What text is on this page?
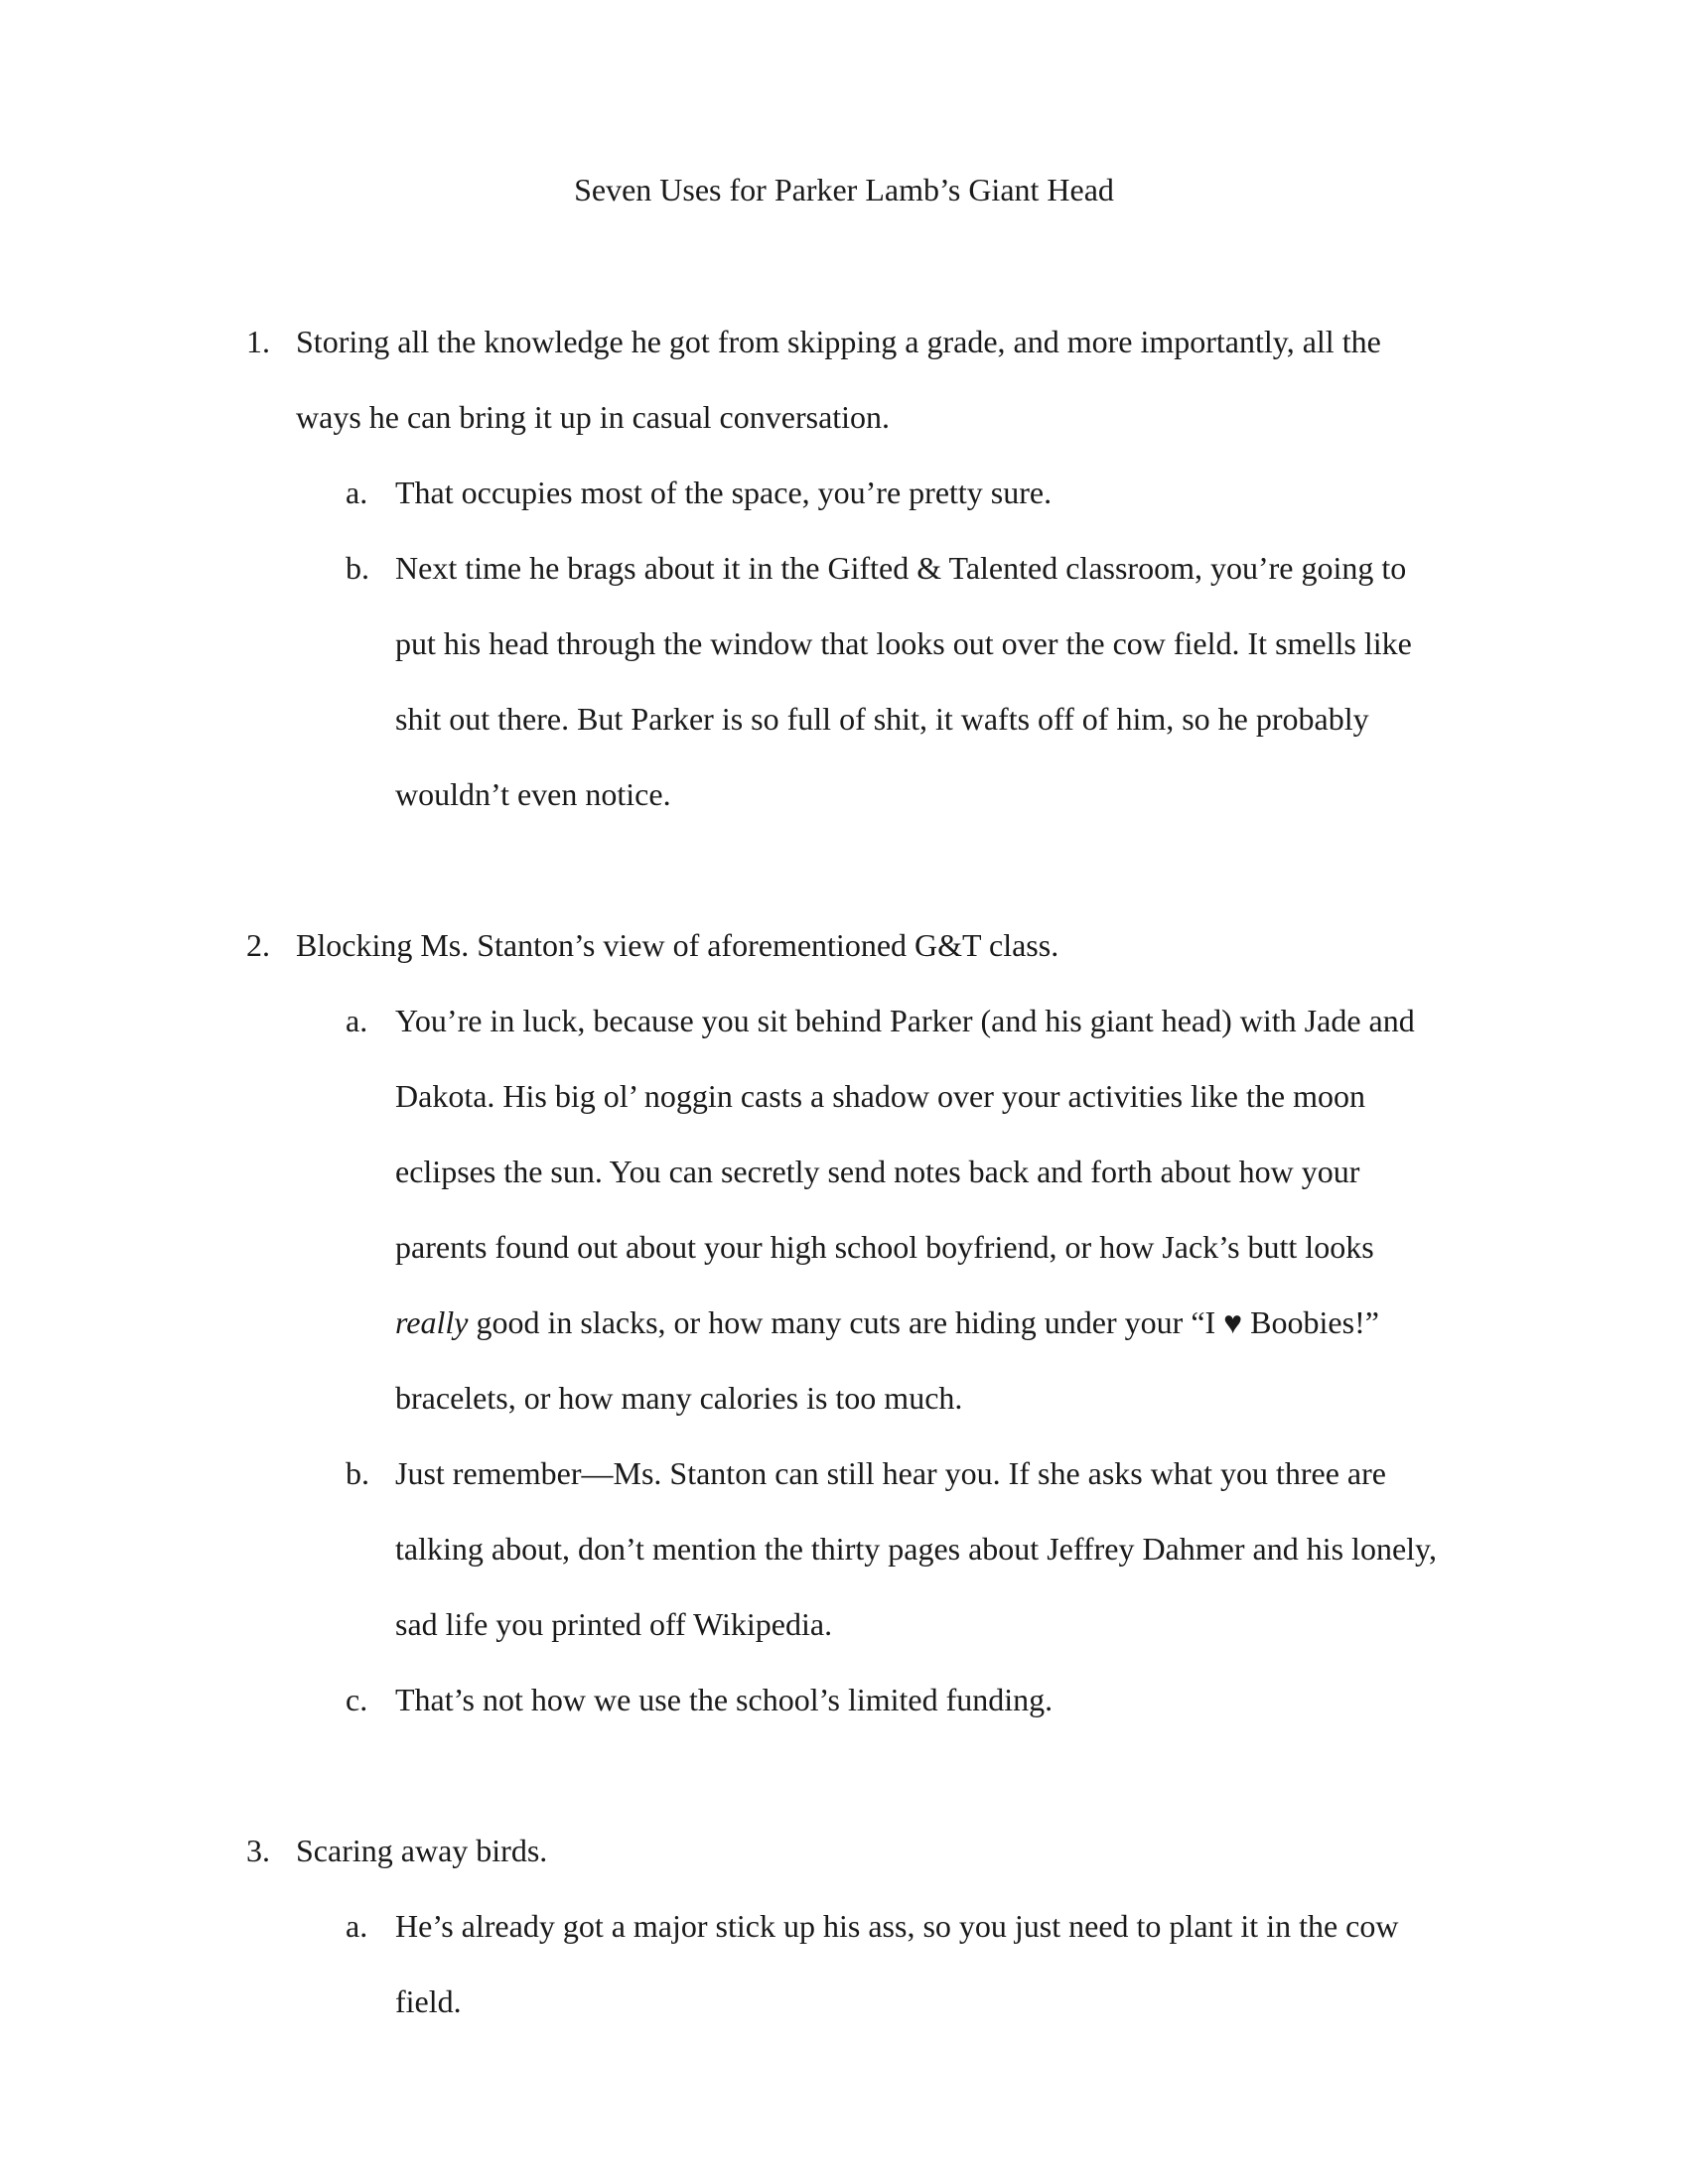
Seven Uses for Parker Lamb’s Giant Head
1. Storing all the knowledge he got from skipping a grade, and more importantly, all the
ways he can bring it up in casual conversation.
a. That occupies most of the space, you’re pretty sure.
b. Next time he brags about it in the Gifted & Talented classroom, you’re going to
put his head through the window that looks out over the cow field. It smells like
shit out there. But Parker is so full of shit, it wafts off of him, so he probably
wouldn’t even notice.
2. Blocking Ms. Stanton’s view of aforementioned G&T class.
a. You’re in luck, because you sit behind Parker (and his giant head) with Jade and
Dakota. His big ol’ noggin casts a shadow over your activities like the moon
eclipses the sun. You can secretly send notes back and forth about how your
parents found out about your high school boyfriend, or how Jack’s butt looks
really good in slacks, or how many cuts are hiding under your “I ♥ Boobies!”
bracelets, or how many calories is too much.
b. Just remember—Ms. Stanton can still hear you. If she asks what you three are
talking about, don’t mention the thirty pages about Jeffrey Dahmer and his lonely,
sad life you printed off Wikipedia.
c. That’s not how we use the school’s limited funding.
3. Scaring away birds.
a. He’s already got a major stick up his ass, so you just need to plant it in the cow
field.
